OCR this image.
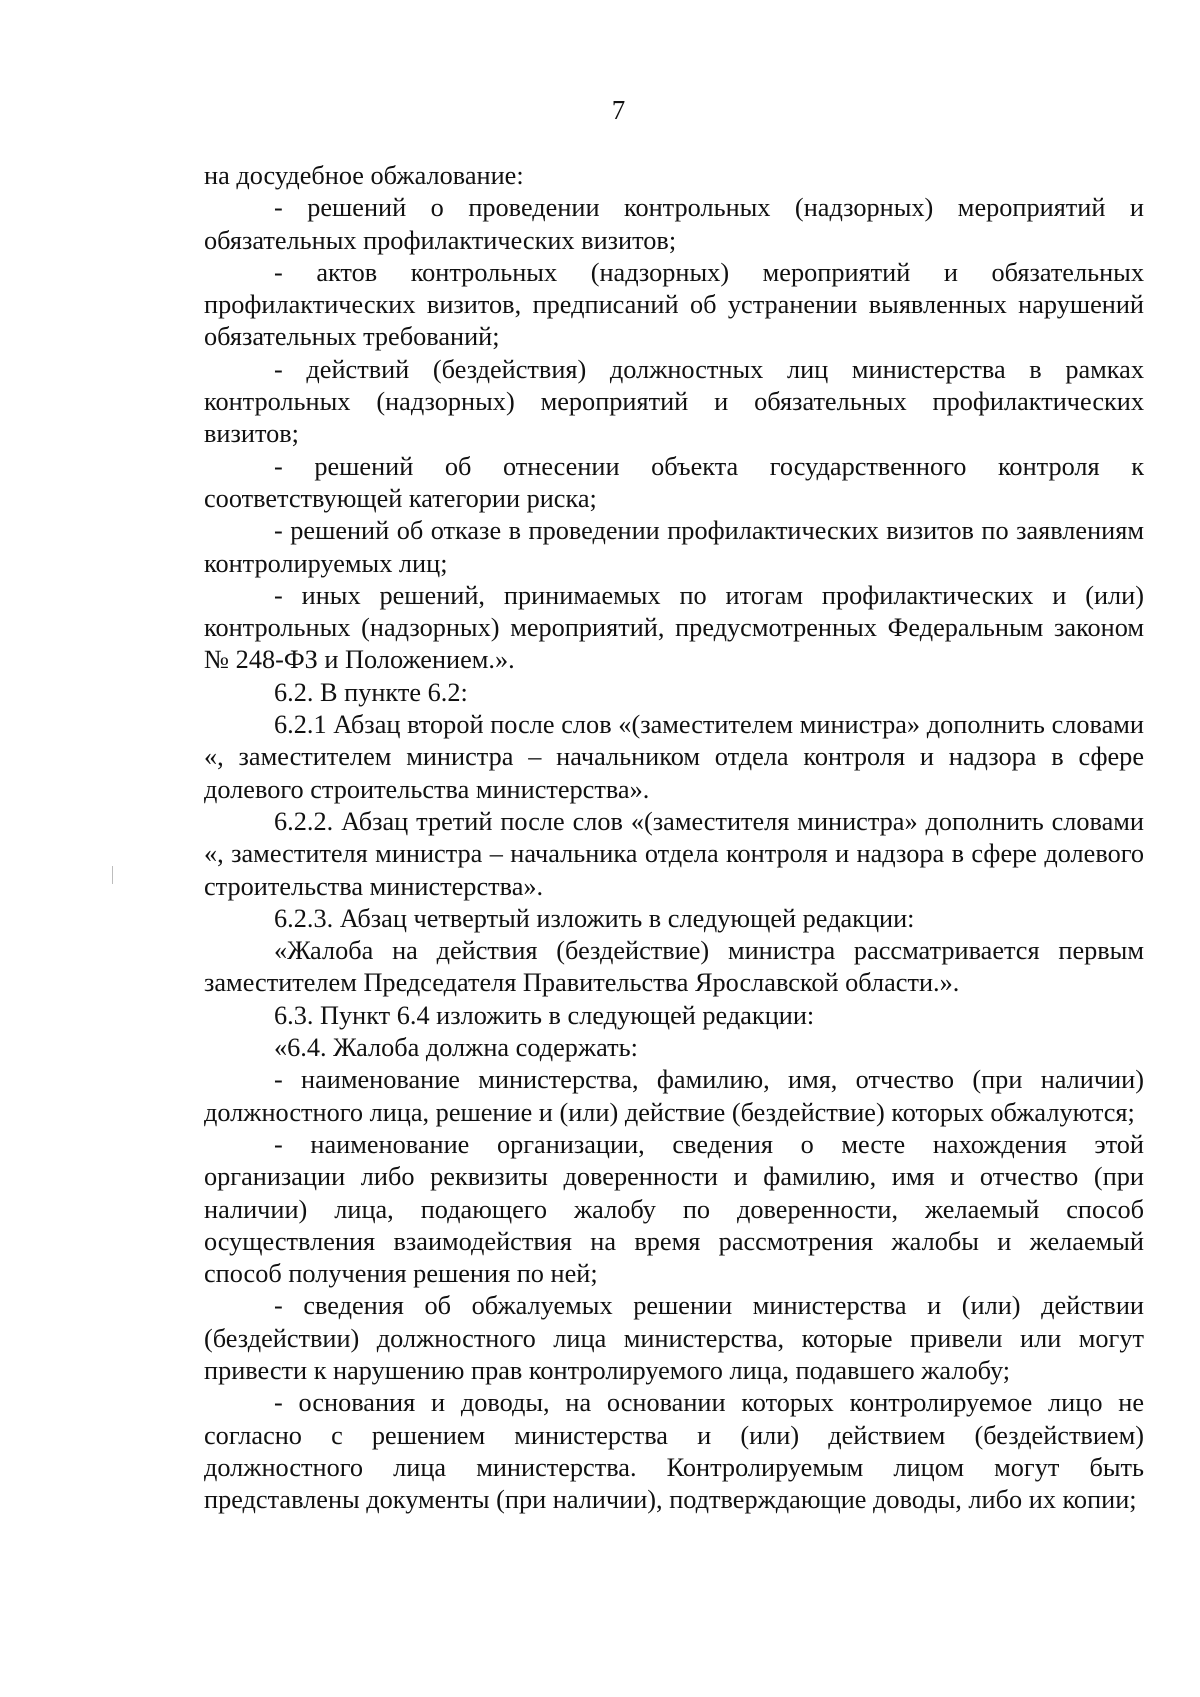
7

на досудебное обжалование:

- решений о проведении контрольных (надзорных) мероприятий и обязательных профилактических визитов;

- актов контрольных (надзорных) мероприятий и обязательных профилактических визитов, предписаний об устранении выявленных нарушений обязательных требований;

- действий (бездействия) должностных лиц министерства в рамках контрольных (надзорных) мероприятий и обязательных профилактических визитов;

- решений об отнесении объекта государственного контроля к соответствующей категории риска;

- решений об отказе в проведении профилактических визитов по заявлениям контролируемых лиц;

- иных решений, принимаемых по итогам профилактических и (или) контрольных (надзорных) мероприятий, предусмотренных Федеральным законом № 248-ФЗ и Положением.».

6.2. В пункте 6.2:

6.2.1 Абзац второй после слов «(заместителем министра» дополнить словами «, заместителем министра – начальником отдела контроля и надзора в сфере долевого строительства министерства».

6.2.2. Абзац третий после слов «(заместителя министра» дополнить словами «, заместителя министра – начальника отдела контроля и надзора в сфере долевого строительства министерства».

6.2.3. Абзац четвертый изложить в следующей редакции:

«Жалоба на действия (бездействие) министра рассматривается первым заместителем Председателя Правительства Ярославской области.».

6.3. Пункт 6.4 изложить в следующей редакции:

«6.4. Жалоба должна содержать:

- наименование министерства, фамилию, имя, отчество (при наличии) должностного лица, решение и (или) действие (бездействие) которых обжалуются;

- наименование организации, сведения о месте нахождения этой организации либо реквизиты доверенности и фамилию, имя и отчество (при наличии) лица, подающего жалобу по доверенности, желаемый способ осуществления взаимодействия на время рассмотрения жалобы и желаемый способ получения решения по ней;

- сведения об обжалуемых решении министерства и (или) действии (бездействии) должностного лица министерства, которые привели или могут привести к нарушению прав контролируемого лица, подавшего жалобу;

- основания и доводы, на основании которых контролируемое лицо не согласно с решением министерства и (или) действием (бездействием) должностного лица министерства. Контролируемым лицом могут быть представлены документы (при наличии), подтверждающие доводы, либо их копии;
